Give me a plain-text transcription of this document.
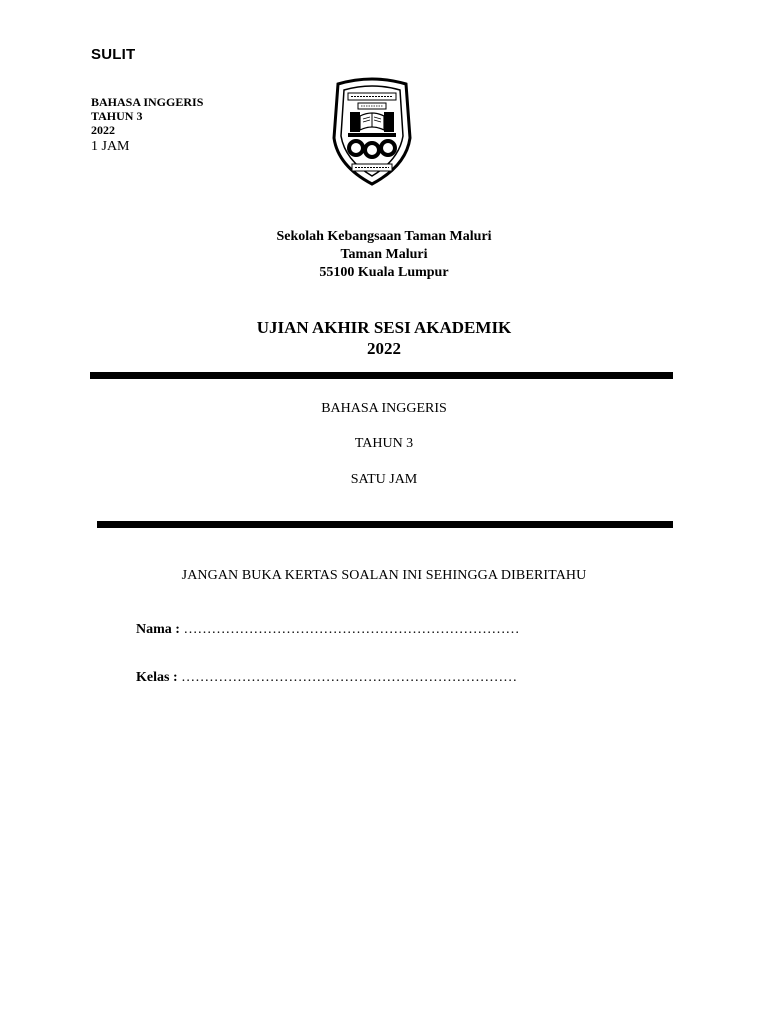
SULIT
BAHASA INGGERIS
TAHUN 3
2022
1 JAM
Sekolah Kebangsaan Taman Maluri
Taman Maluri
55100 Kuala Lumpur
UJIAN AKHIR SESI AKADEMIK
2022
BAHASA INGGERIS
TAHUN 3
SATU JAM
JANGAN BUKA KERTAS SOALAN INI SEHINGGA DIBERITAHU
Nama : ………………………………………………………………
Kelas : ………………………………………………………………
